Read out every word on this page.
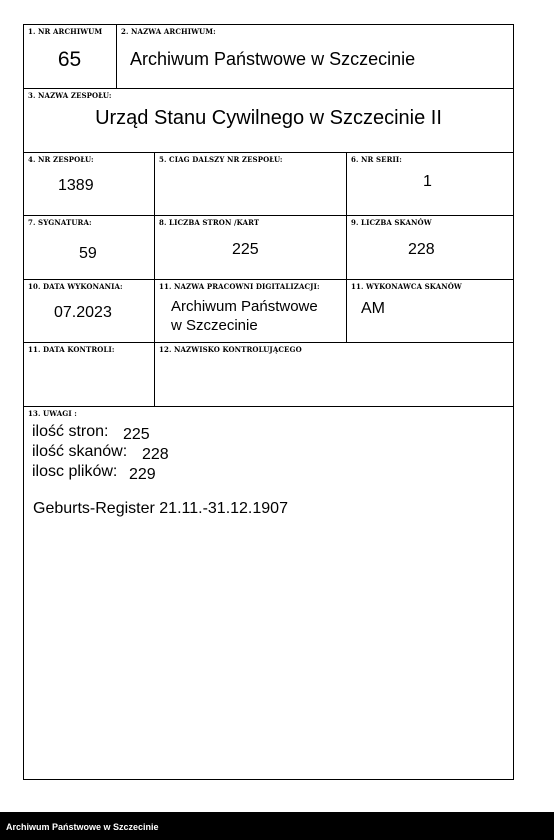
1. NR ARCHIWUM
65
2. NAZWA ARCHIWUM:
Archiwum Państwowe w Szczecinie
3. NAZWA ZESPOŁU:
Urząd Stanu Cywilnego w Szczecinie II
4. NR ZESPOŁU:
1389
5. CIAG DALSZY NR ZESPOŁU:	6. NR SERII:
1
7. SYGNATURA:
59
8. LICZBA STRON /KART
225
9. LICZBA SKANÓW
228
10. DATA WYKONANIA:
07.2023
11. NAZWA PRACOWNI DIGITALIZACJI:
Archiwum Państwowe
w Szczecinie
11. WYKONAWCA SKANÓW
AM
11. DATA KONTROLI:	12. NAZWISKO KONTROLUJĄCEGO
13. UWAGI :
ilość stron: 225
ilość skanów: 228
ilosc plików: 229
Geburts-Register 21.11.-31.12.1907
Archiwum Państwowe w Szczecinie
